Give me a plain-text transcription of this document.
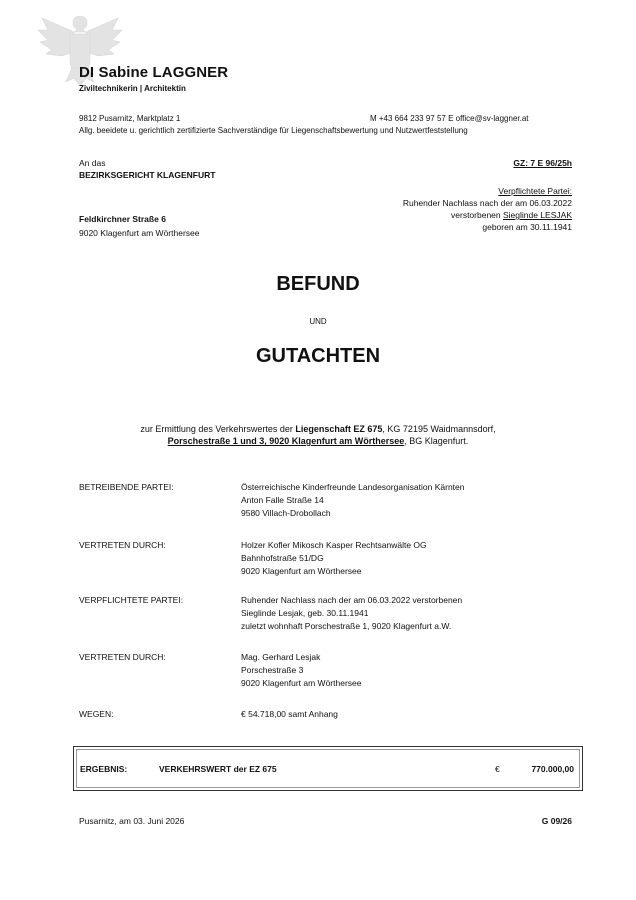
DI Sabine LAGGNER
Ziviltechnikerin | Architektin
9812 Pusarnitz, Marktplatz 1	M +43 664 233 97 57 E office@sv-laggner.at
Allg. beeidete u. gerichtlich zertifizierte Sachverständige für Liegenschaftsbewertung und Nutzwertfeststellung
An das
BEZIRKSGERICHT KLAGENFURT
GZ: 7 E 96/25h
Verpflichtete Partei:
Ruhender Nachlass nach der am 06.03.2022
verstorbenen Sieglinde LESJAK
geboren am 30.11.1941
Feldkirchner Straße 6
9020 Klagenfurt am Wörthersee
BEFUND
UND
GUTACHTEN
zur Ermittlung des Verkehrswertes der Liegenschaft EZ 675, KG 72195 Waidmannsdorf,
Porschestraße 1 und 3, 9020 Klagenfurt am Wörthersee, BG Klagenfurt.
BETREIBENDE PARTEI:	Österreichische Kinderfreunde Landesorganisation Kärnten
Anton Falle Straße 14
9580 Villach-Drobollach
VERTRETEN DURCH:	Holzer Kofler Mikosch Kasper Rechtsanwälte OG
Bahnhofstraße 51/DG
9020 Klagenfurt am Wörthersee
VERPFLICHTETE PARTEI:	Ruhender Nachlass nach der am 06.03.2022 verstorbenen
Sieglinde Lesjak, geb. 30.11.1941
zuletzt wohnhaft Porschestraße 1, 9020 Klagenfurt a.W.
VERTRETEN DURCH:	Mag. Gerhard Lesjak
Porschestraße 3
9020 Klagenfurt am Wörthersee
WEGEN:	€ 54.718,00 samt Anhang
ERGEBNIS:	VERKEHRSWERT der EZ 675	€	770.000,00
Pusarnitz, am 03. Juni 2026	G 09/26
